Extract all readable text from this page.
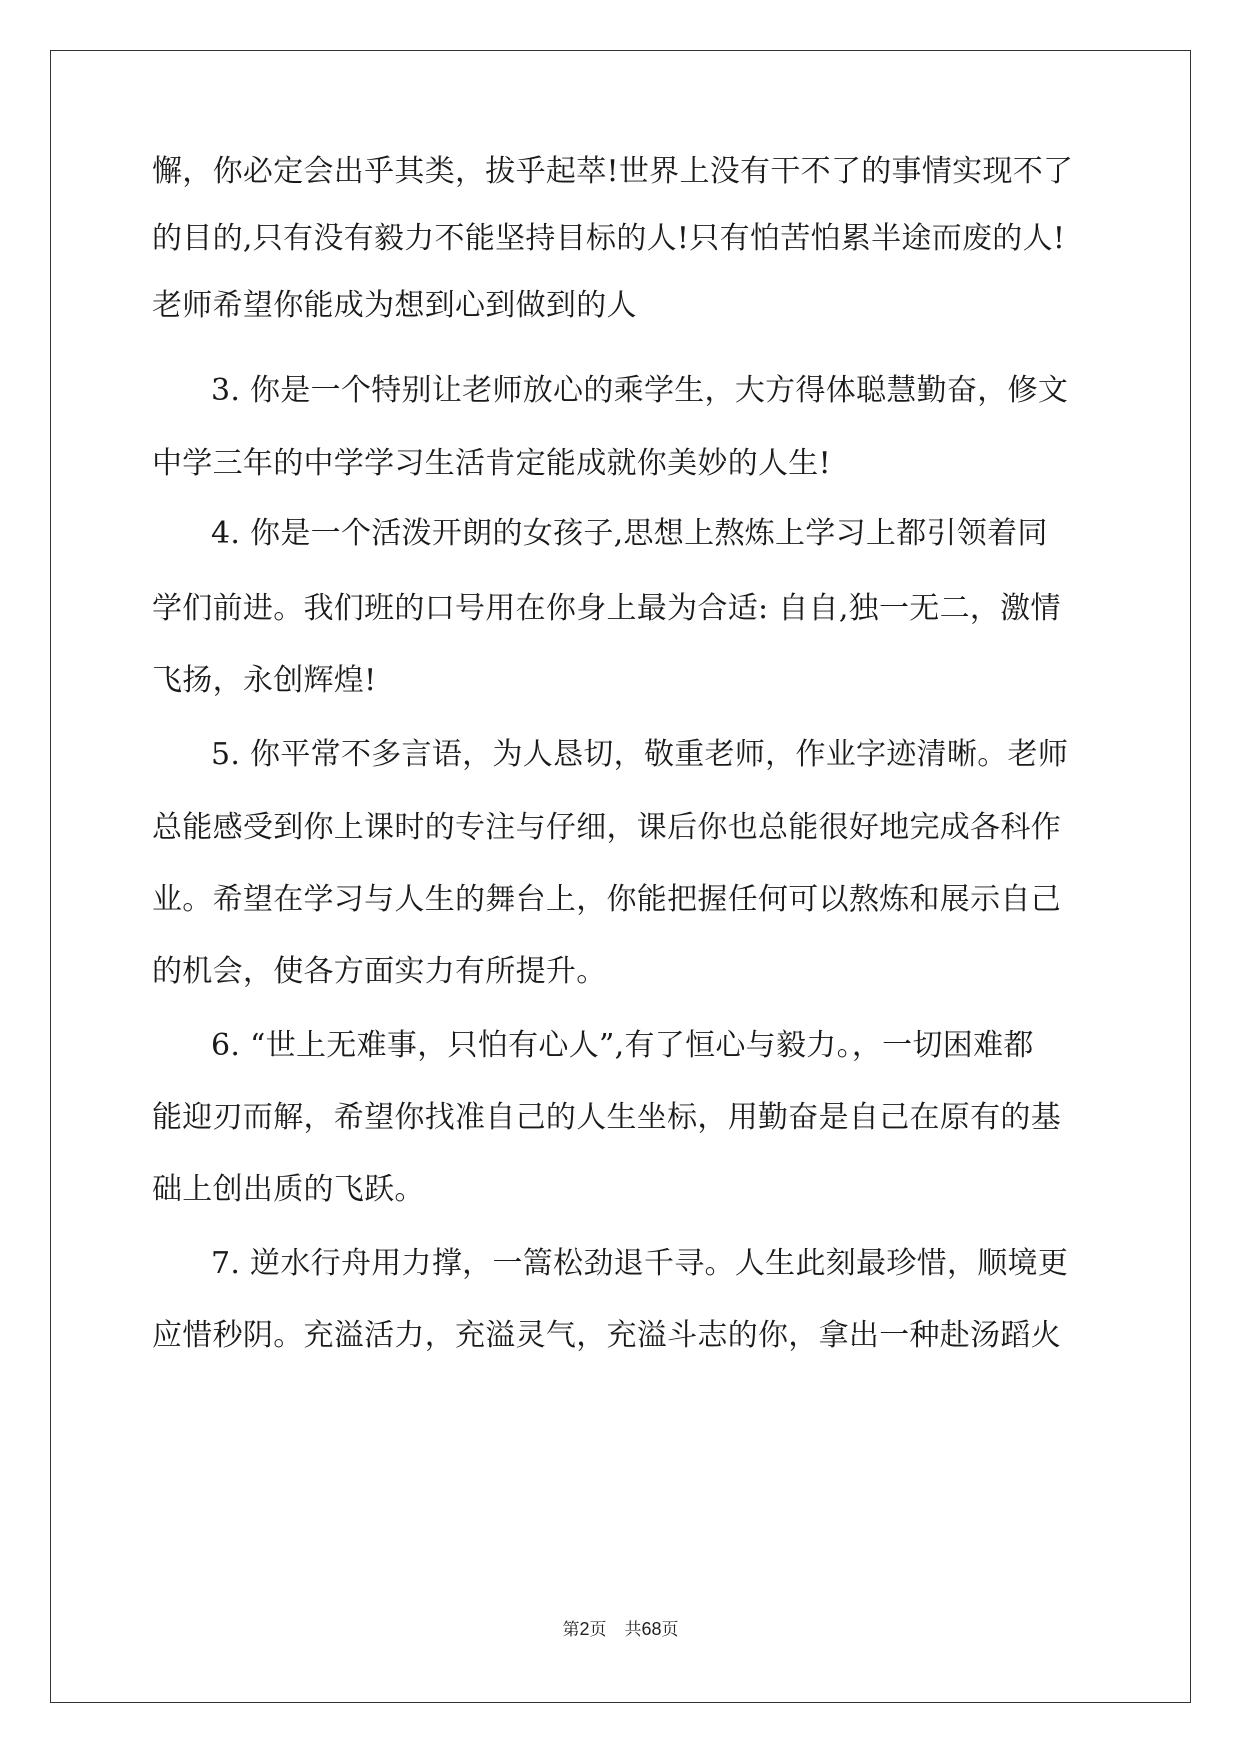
懈，你必定会出乎其类，拔乎起萃!世界上没有干不了的事情实现不了
的目的,只有没有毅力不能坚持目标的人!只有怕苦怕累半途而废的人!
老师希望你能成为想到心到做到的人
3. 你是一个特别让老师放心的乘学生，大方得体聪慧勤奋，修文
中学三年的中学学习生活肯定能成就你美妙的人生!
4. 你是一个活泼开朗的女孩子,思想上熬炼上学习上都引领着同
学们前进。我们班的口号用在你身上最为合适: 自自,独一无二，激情
飞扬，永创辉煌!
5. 你平常不多言语，为人恳切，敬重老师，作业字迹清晰。老师
总能感受到你上课时的专注与仔细，课后你也总能很好地完成各科作
业。希望在学习与人生的舞台上，你能把握任何可以熬炼和展示自己
的机会，使各方面实力有所提升。
6. “世上无难事，只怕有心人”,有了恒心与毅力。，一切困难都
能迎刃而解，希望你找准自己的人生坐标，用勤奋是自己在原有的基
础上创出质的飞跃。
7. 逆水行舟用力撑，一篙松劲退千寻。人生此刻最珍惜，顺境更
应惜秒阴。充溢活力，充溢灵气，充溢斗志的你，拿出一种赴汤蹈火
第2页 共68页
